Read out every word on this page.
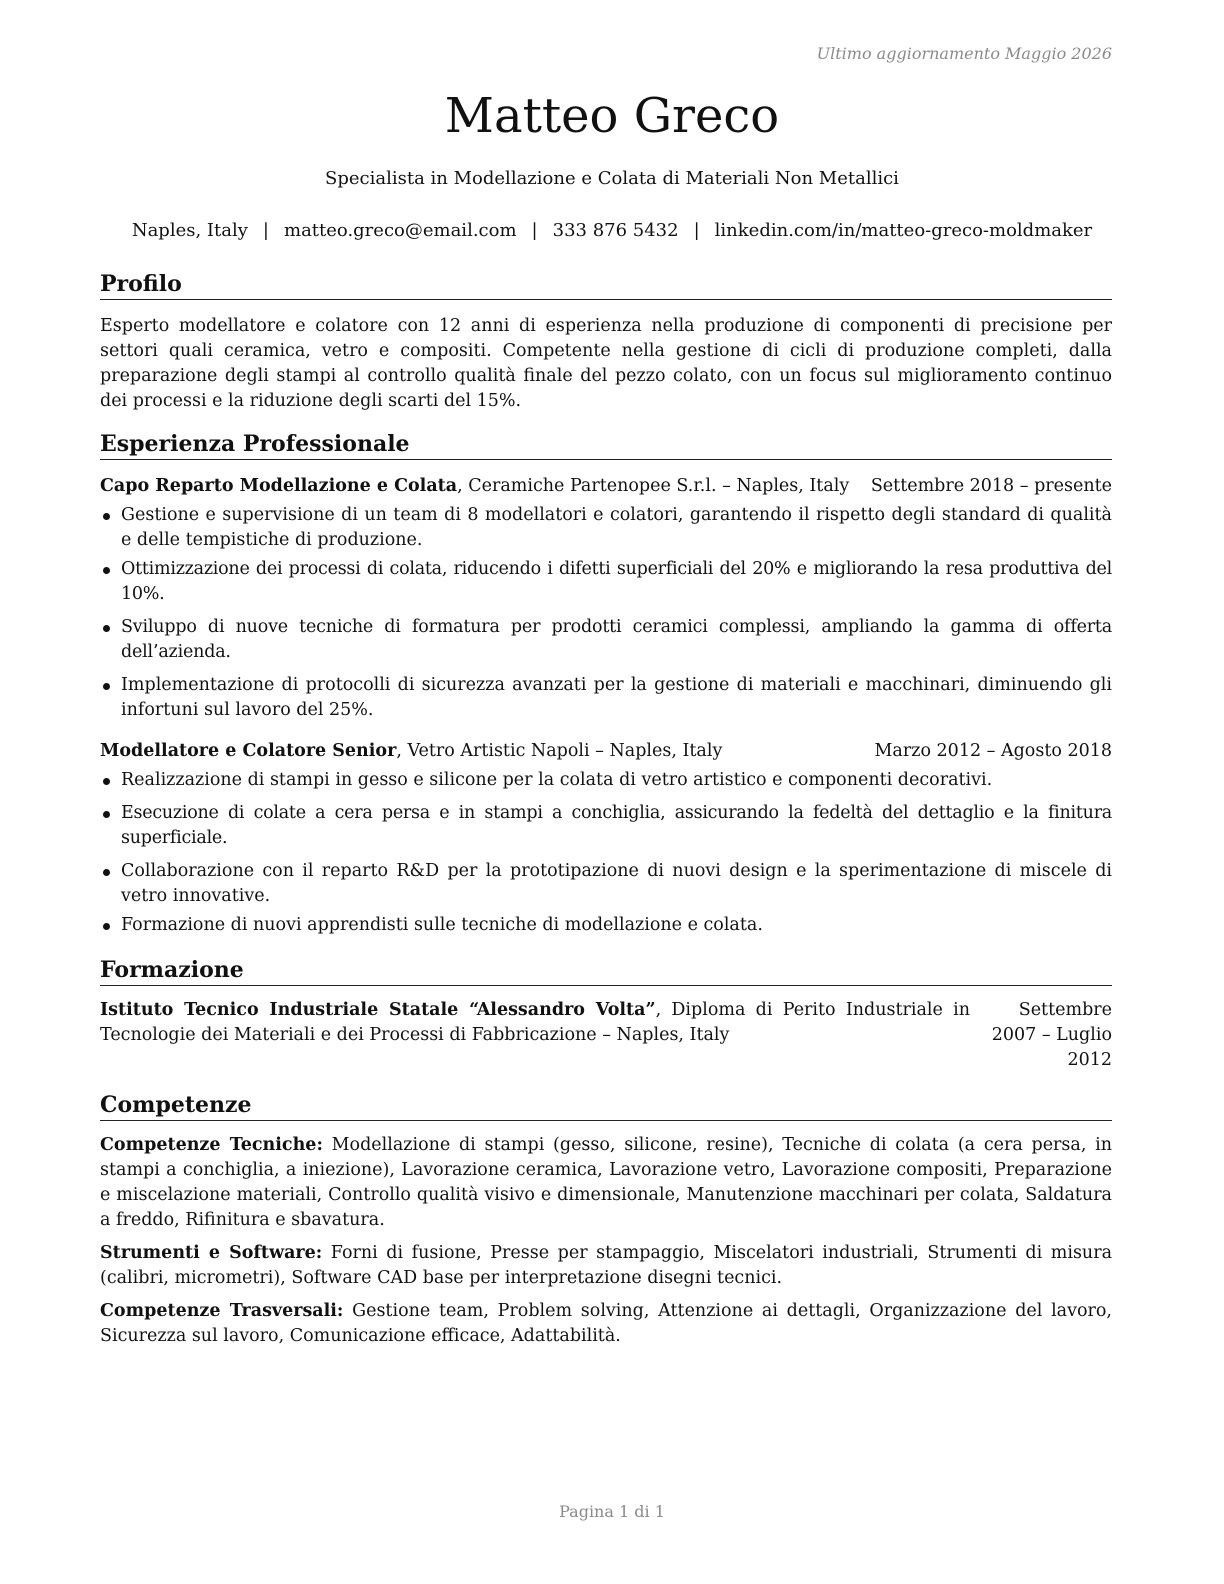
Ultimo aggiornamento Maggio 2026
Matteo Greco
Specialista in Modellazione e Colata di Materiali Non Metallici
Naples, Italy | matteo.greco@email.com | 333 876 5432 | linkedin.com/in/matteo-greco-moldmaker
Profilo

Esperto modellatore e colatore con 12 anni di esperienza nella produzione di componenti di precisione per settori quali ceramica, vetro e compositi. Competente nella gestione di cicli di produzione completi, dalla preparazione degli stampi al controllo qualità finale del pezzo colato, con un focus sul miglioramento continuo dei processi e la riduzione degli scarti del 15%.

Esperienza Professionale
Capo Reparto Modellazione e Colata, Ceramiche Partenopee S.r.l. – Naples, Italy Settembre 2018 – presente
Gestione e supervisione di un team di 8 modellatori e colatori, garantendo il rispetto degli standard di qualità e delle tempistiche di produzione.
Ottimizzazione dei processi di colata, riducendo i difetti superficiali del 20% e migliorando la resa produttiva del 10%.
Sviluppo di nuove tecniche di formatura per prodotti ceramici complessi, ampliando la gamma di offerta dell’azienda.
Implementazione di protocolli di sicurezza avanzati per la gestione di materiali e macchinari, diminuendo gli infortuni sul lavoro del 25%.
Modellatore e Colatore Senior, Vetro Artistic Napoli – Naples, Italy	Marzo 2012 – Agosto 2018
Realizzazione di stampi in gesso e silicone per la colata di vetro artistico e componenti decorativi.
Esecuzione di colate a cera persa e in stampi a conchiglia, assicurando la fedeltà del dettaglio e la finitura superficiale.
Collaborazione con il reparto R&D per la prototipazione di nuovi design e la sperimentazione di miscele di vetro innovative.
Formazione di nuovi apprendisti sulle tecniche di modellazione e colata.
Formazione
Istituto Tecnico Industriale Statale “Alessandro Volta”, Diploma di Perito Industriale in Tecnologie dei Materiali e dei Processi di Fabbricazione – Naples, Italy
Settembre 2007 – Luglio 2012
Competenze

Competenze Tecniche: Modellazione di stampi (gesso, silicone, resine), Tecniche di colata (a cera persa, in stampi a conchiglia, a iniezione), Lavorazione ceramica, Lavorazione vetro, Lavorazione compositi, Preparazione e miscelazione materiali, Controllo qualità visivo e dimensionale, Manutenzione macchinari per colata, Saldatura a freddo, Rifinitura e sbavatura.

Strumenti e Software: Forni di fusione, Presse per stampaggio, Miscelatori industriali, Strumenti di misura (calibri, micrometri), Software CAD base per interpretazione disegni tecnici.

Competenze Trasversali: Gestione team, Problem solving, Attenzione ai dettagli, Organizzazione del lavoro, Sicurezza sul lavoro, Comunicazione efficace, Adattabilità.

Pagina 1 di 1
